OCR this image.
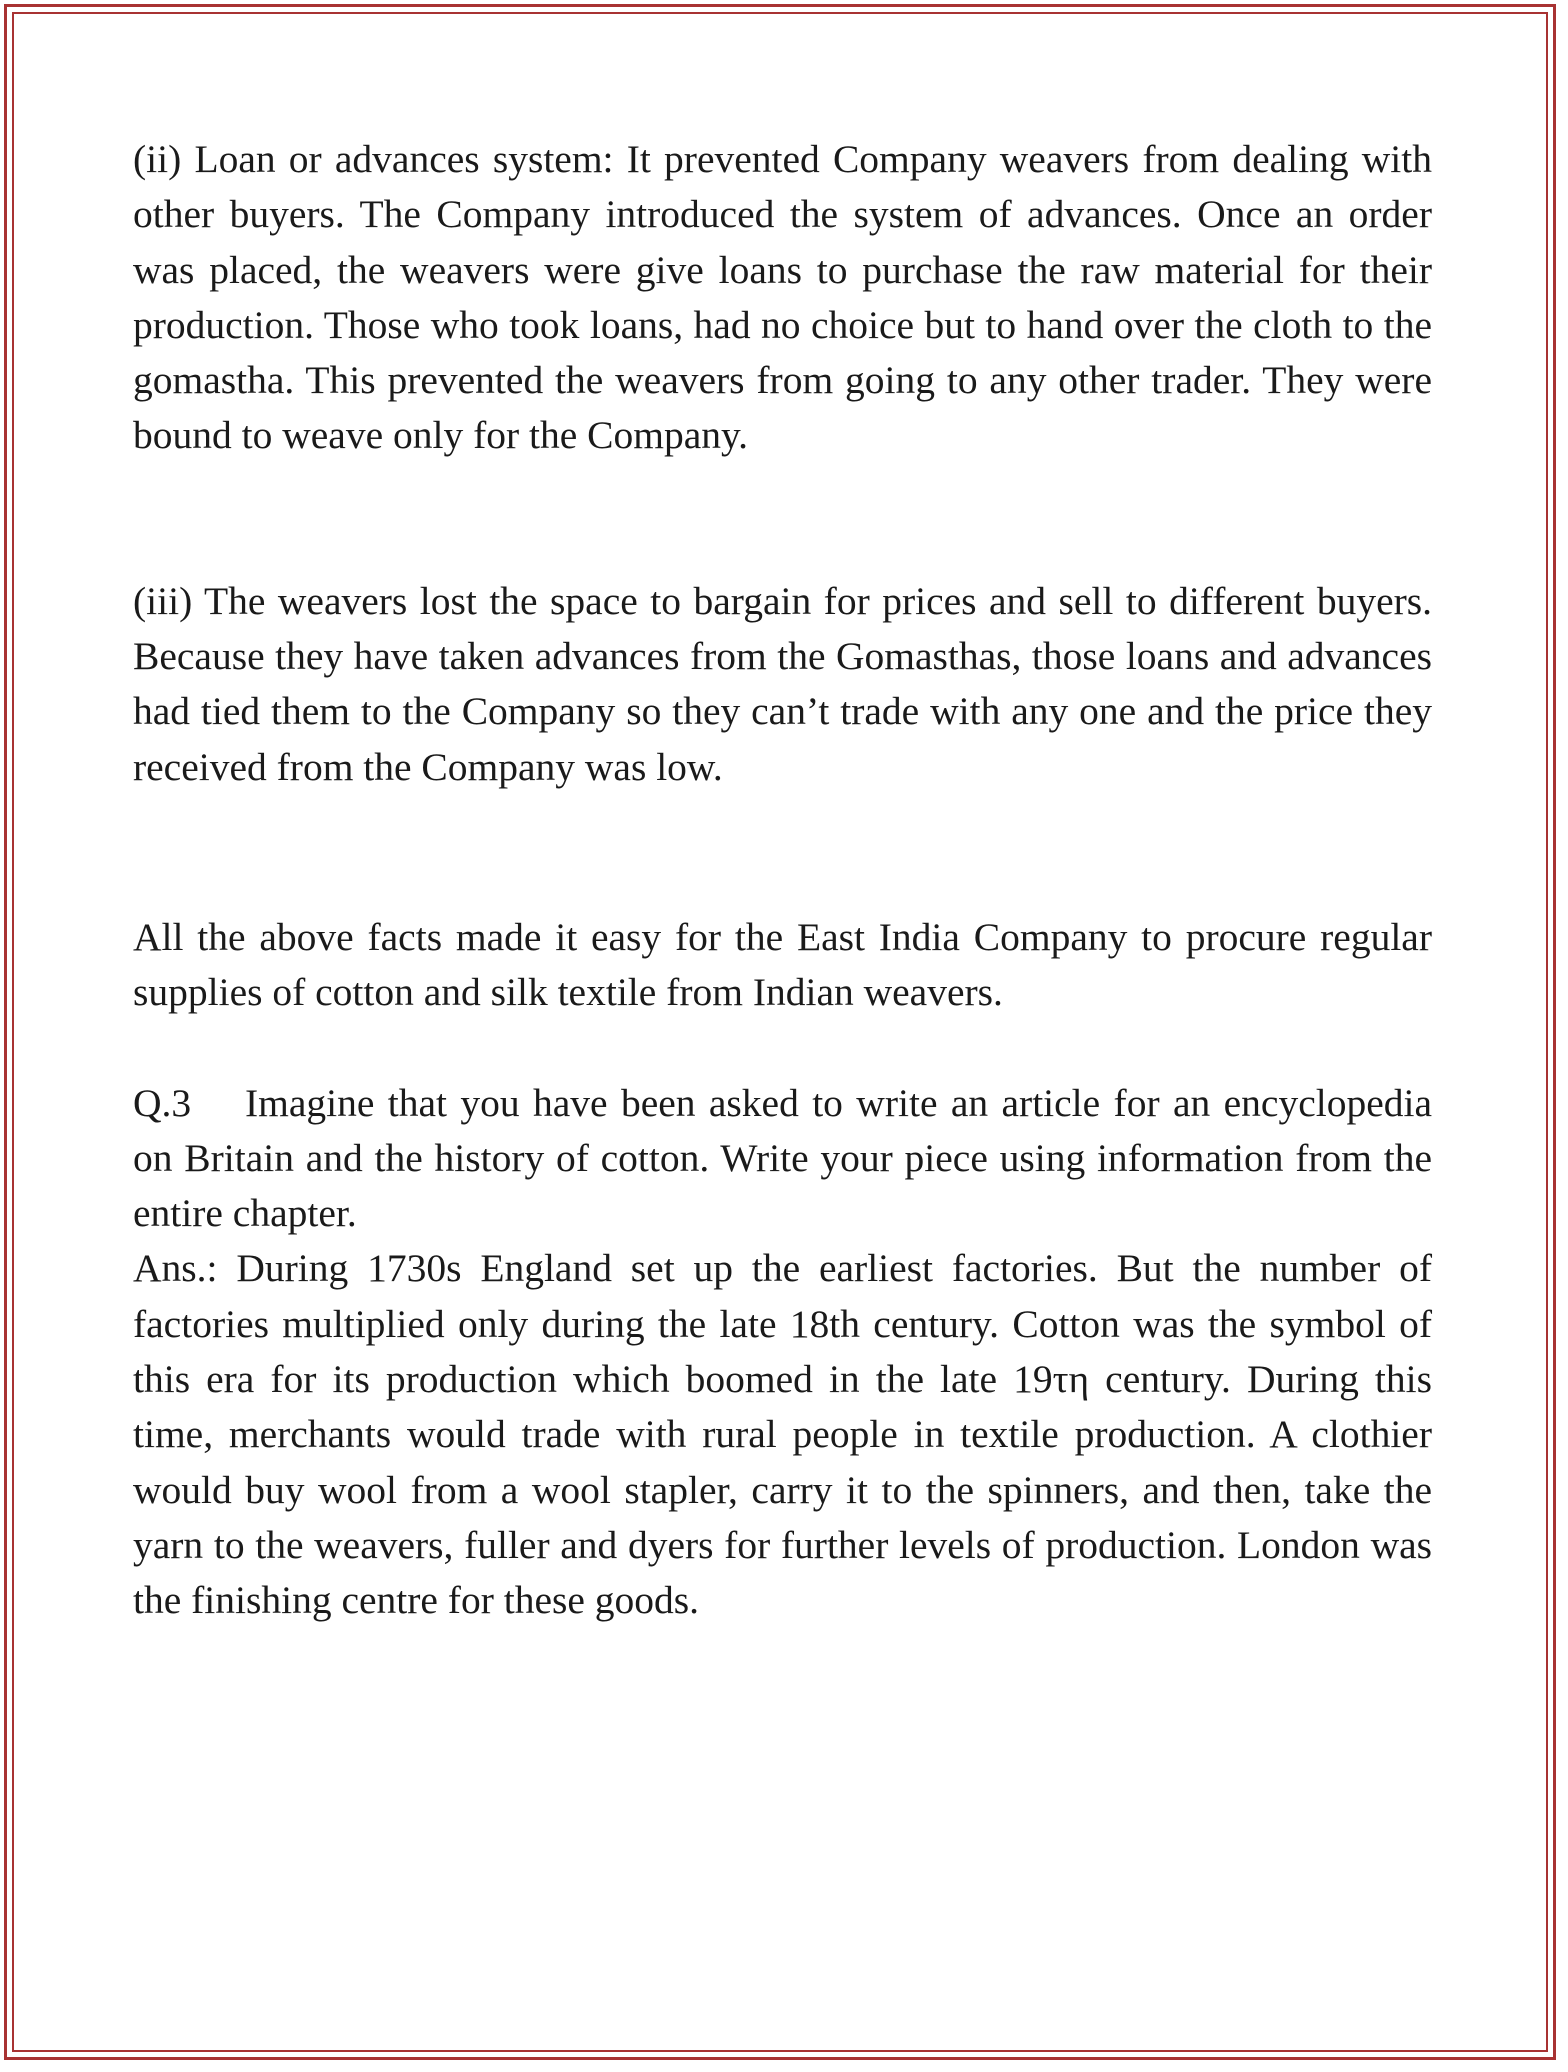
(ii) Loan or advances system: It prevented Company weavers from dealing with other buyers. The Company introduced the system of advances. Once an order was placed, the weavers were give loans to purchase the raw material for their production. Those who took loans, had no choice but to hand over the cloth to the gomastha. This prevented the weavers from going to any other trader. They were bound to weave only for the Company.

(iii) The weavers lost the space to bargain for prices and sell to different buyers. Because they have taken advances from the Gomasthas, those loans and advances had tied them to the Company so they can’t trade with any one and the price they received from the Company was low.

All the above facts made it easy for the East India Company to procure regular supplies of cotton and silk textile from Indian weavers.

Q.3 Imagine that you have been asked to write an article for an encyclopedia on Britain and the history of cotton. Write your piece using information from the entire chapter.

Ans.: During 1730s England set up the earliest factories. But the number of factories multiplied only during the late 18th century. Cotton was the symbol of this era for its production which boomed in the late 19τη century. During this time, merchants would trade with rural people in textile production. A clothier would buy wool from a wool stapler, carry it to the spinners, and then, take the yarn to the weavers, fuller and dyers for further levels of production. London was the finishing centre for these goods.
